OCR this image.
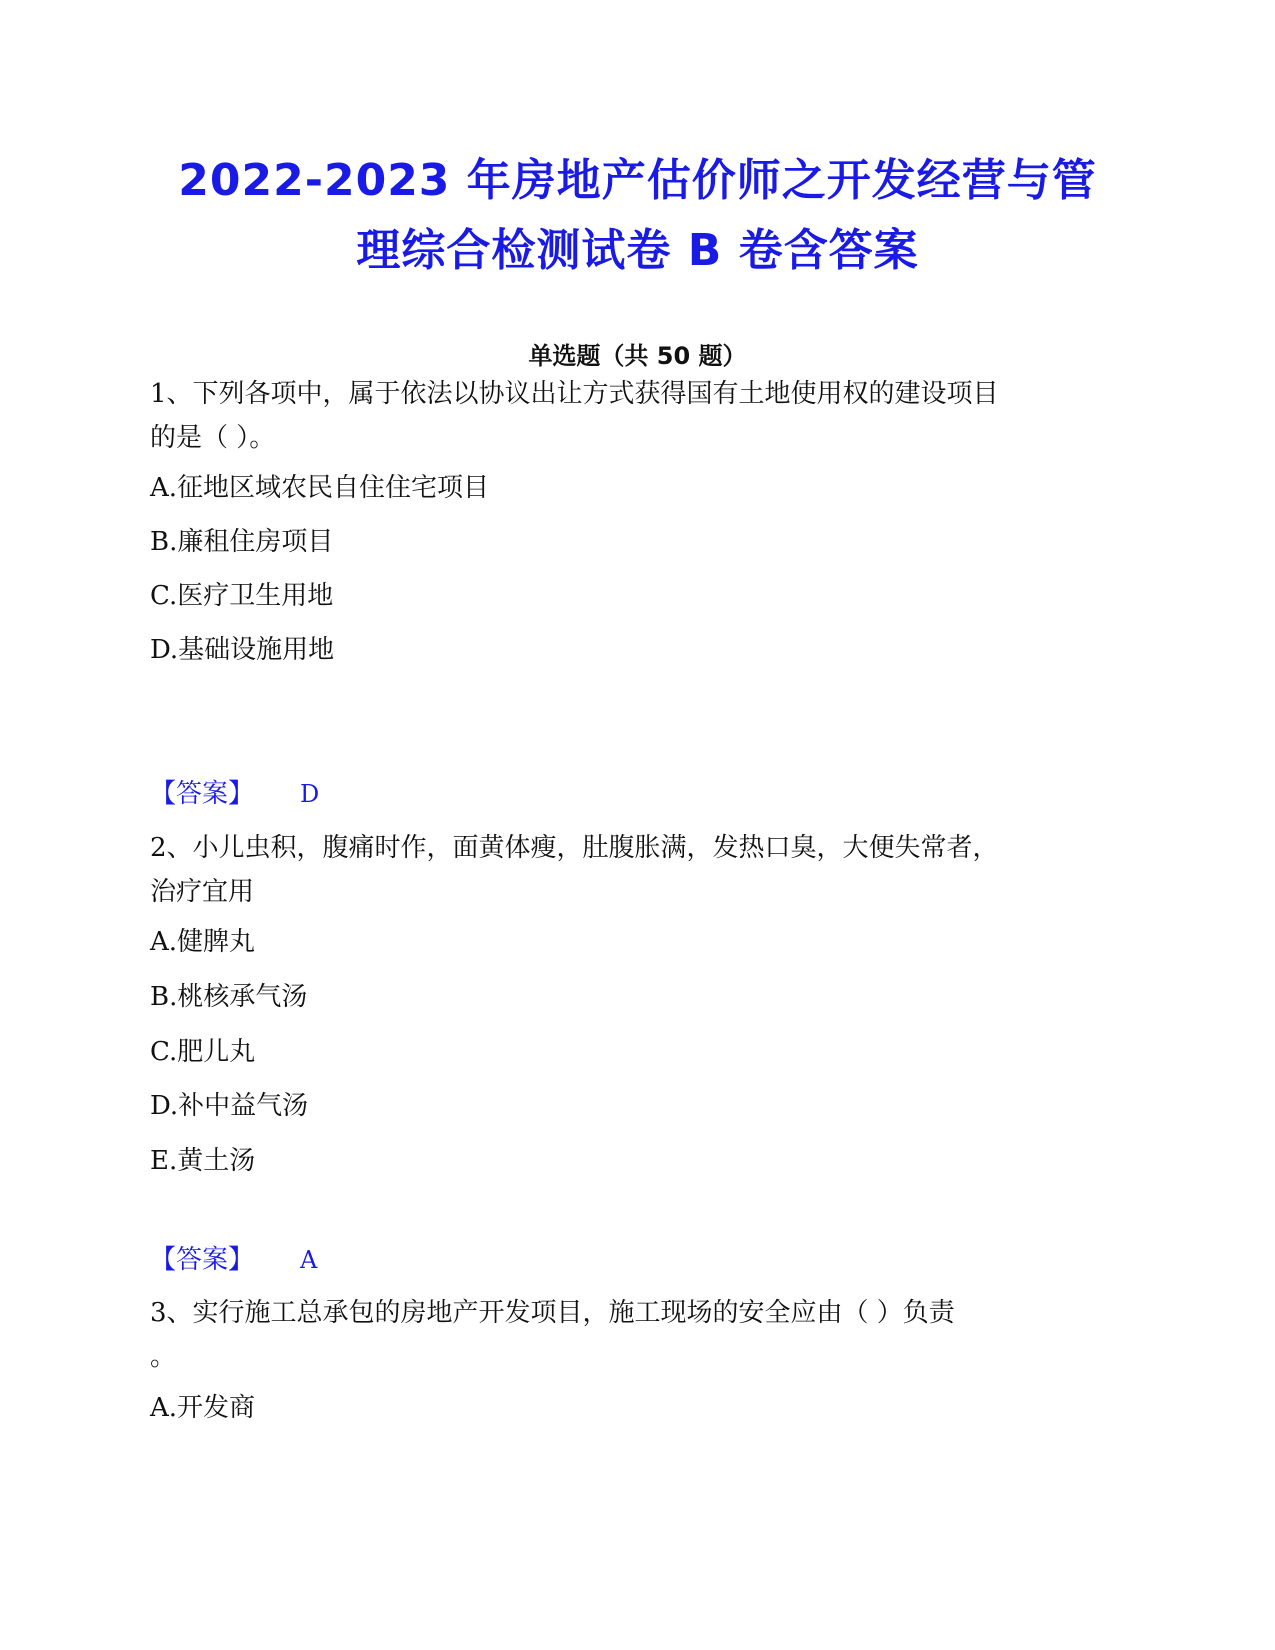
2022-2023 年房地产估价师之开发经营与管
理综合检测试卷 B 卷含答案
单选题（共 50 题）
1、下列各项中，属于依法以协议出让方式获得国有土地使用权的建设项目
的是（ ）。
A.征地区域农民自住住宅项目
B.廉租住房项目
C.医疗卫生用地
D.基础设施用地
【答案】 D
2、小儿虫积，腹痛时作，面黄体瘦，肚腹胀满，发热口臭，大便失常者，
治疗宜用
A.健脾丸
B.桃核承气汤
C.肥儿丸
D.补中益气汤
E.黄土汤
【答案】 A
3、实行施工总承包的房地产开发项目，施工现场的安全应由（ ）负责
。
A.开发商
